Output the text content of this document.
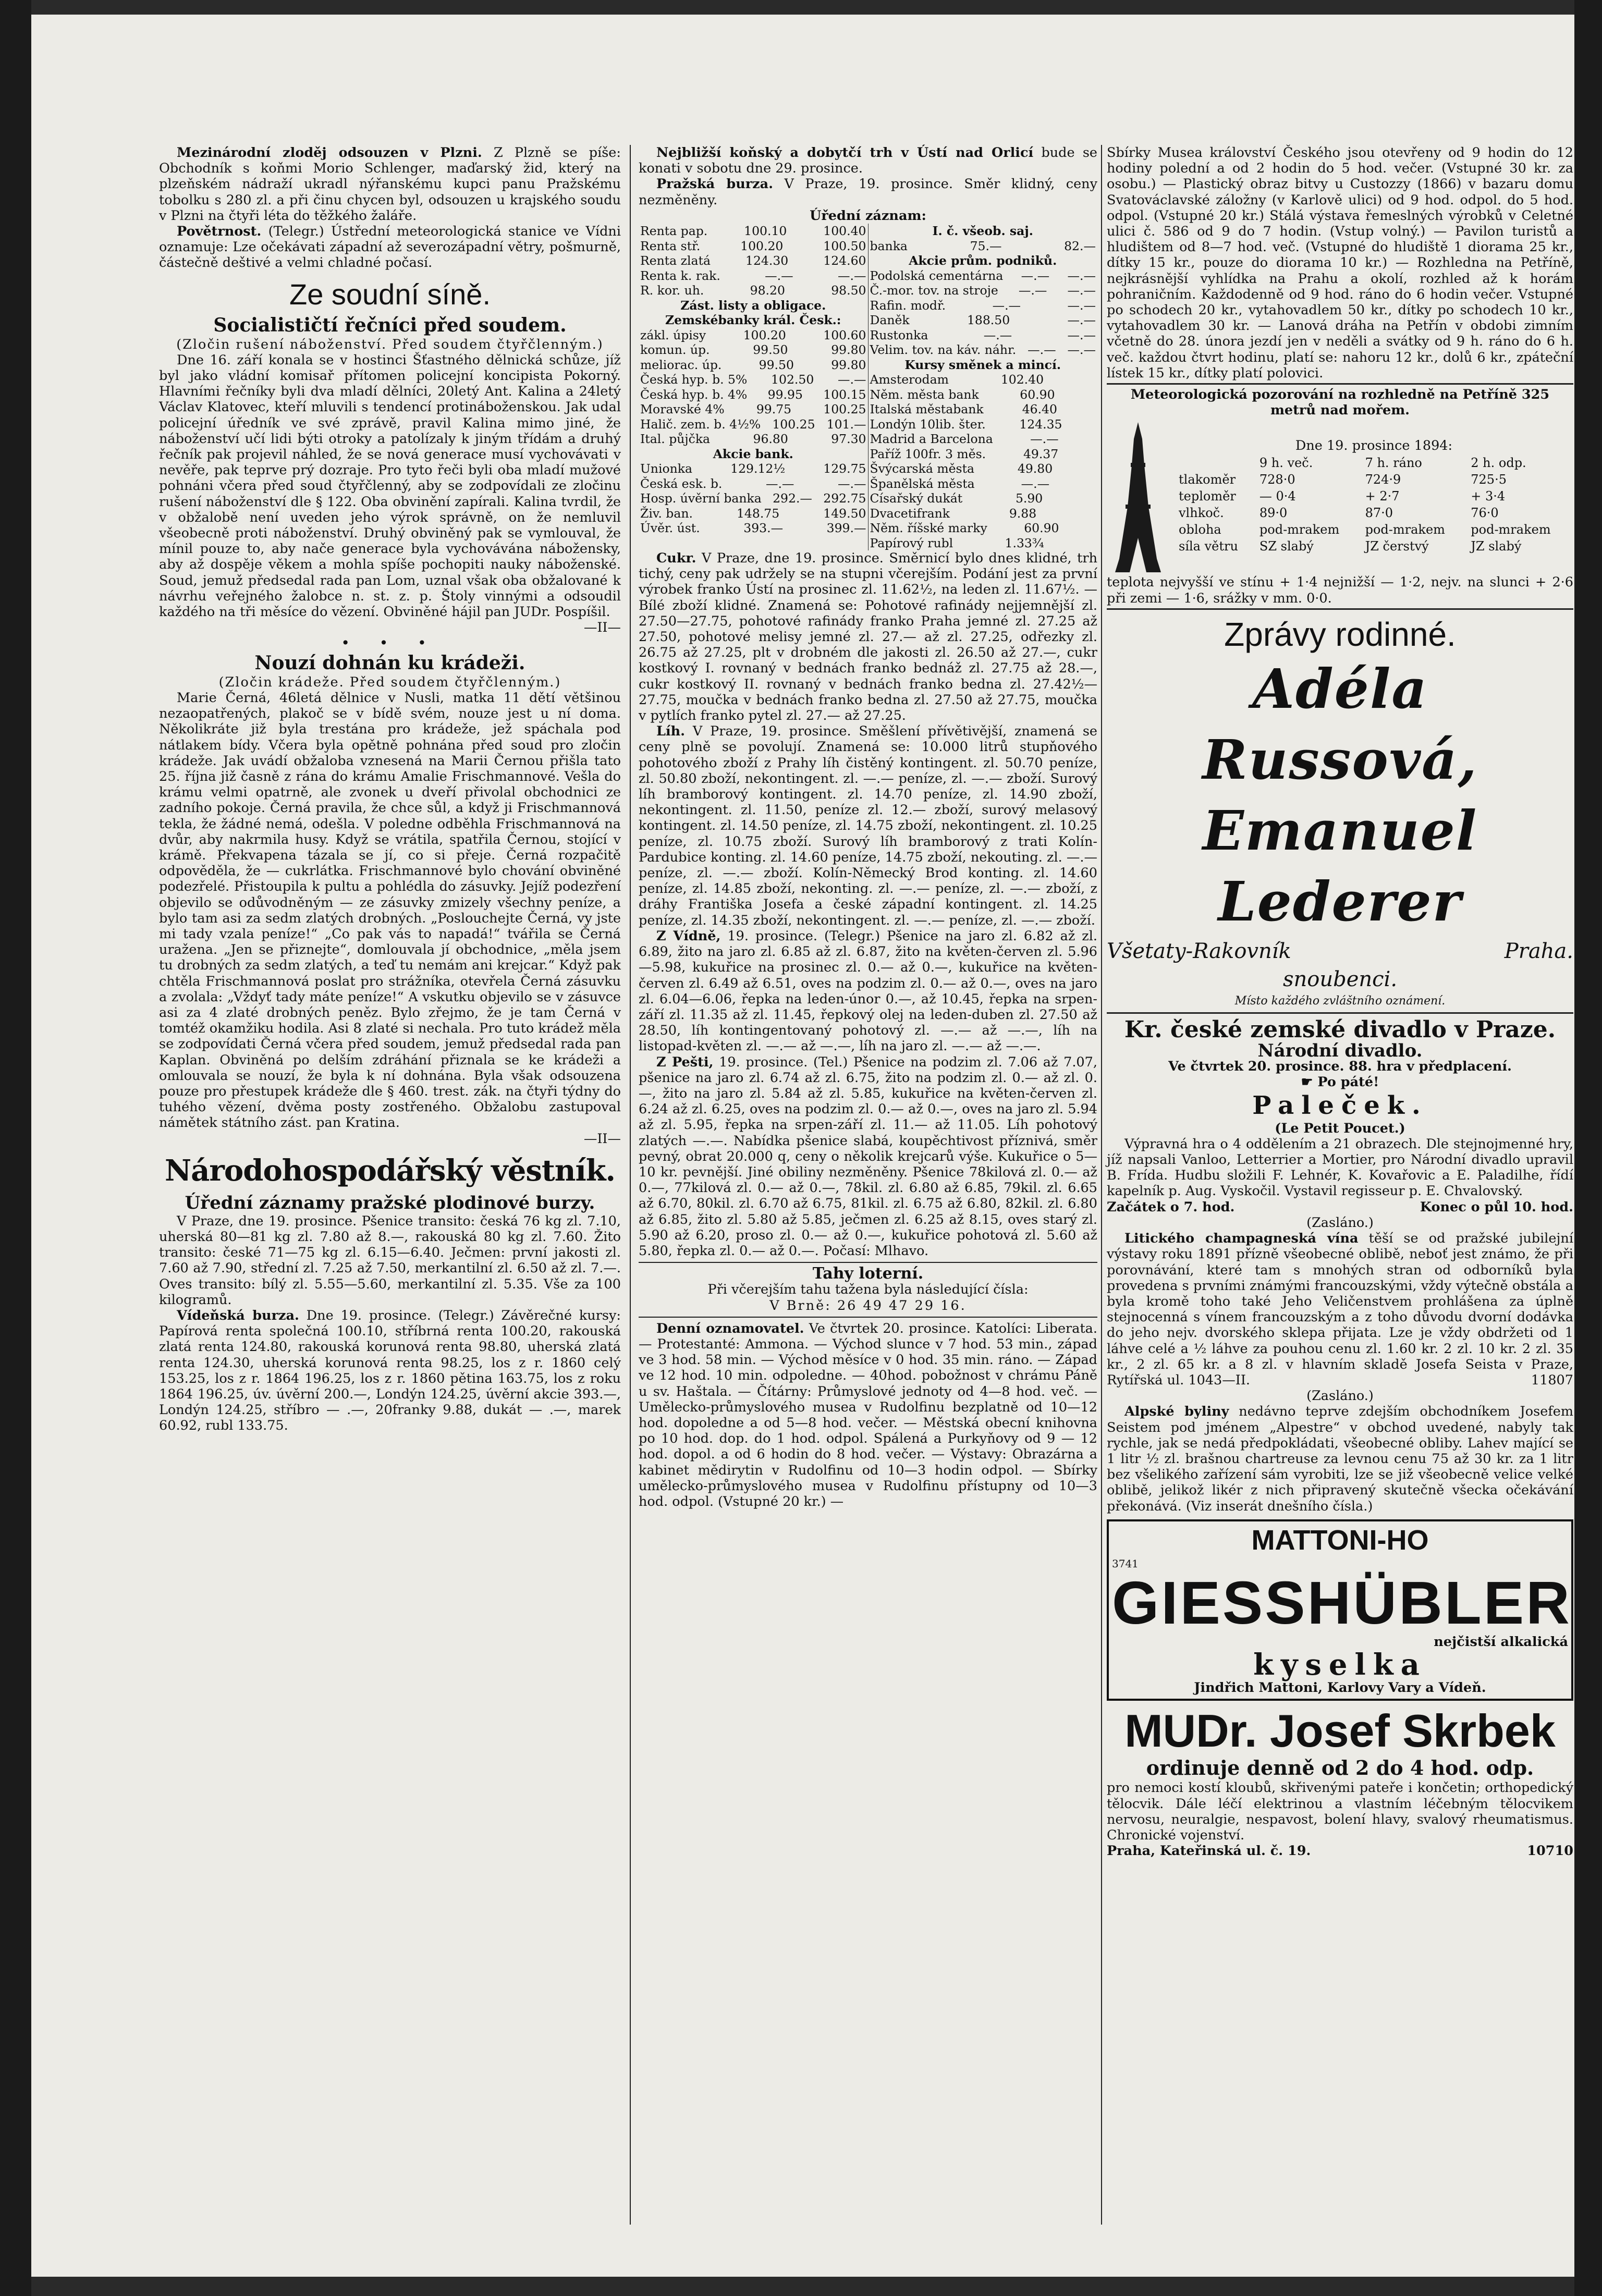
Mezinárodní zloděj odsouzen v Plzni. Z Plzně se píše: Obchodník s koňmi Morio Schlenger, maďarský žid, který na plzeňském nádraží ukradl nýřanskému kupci panu Pražskému tobolku s 280 zl. a při činu chycen byl, odsouzen u krajského soudu v Plzni na čtyři léta do těžkého žaláře.

Povětrnost. (Telegr.) Ústřední meteorologická stanice ve Vídni oznamuje: Lze očekávati západní až severozápadní větry, pošmurně, částečně deštivé a velmi chladné počasí.

Ze soudní síně.
Socialističtí řečníci před soudem.
(Zločin rušení náboženství. Před soudem čtyřčlenným.)

Dne 16. září konala se v hostinci Šťastného dělnická schůze, jíž byl jako vládní komisař přítomen policejní koncipista Pokorný. Hlavními řečníky byli dva mladí dělníci, 20letý Ant. Kalina a 24letý Václav Klatovec, kteří mluvili s tendencí protináboženskou. Jak udal policejní úředník ve své zprávě, pravil Kalina mimo jiné, že náboženství učí lidi býti otroky a patolízaly k jiným třídám a druhý řečník pak projevil náhled, že se nová generace musí vychovávati v nevěře, pak teprve prý dozraje. Pro tyto řeči byli oba mladí mužové pohnáni včera před soud čtyřčlenný, aby se zodpovídali ze zločinu rušení náboženství dle § 122. Oba obvinění zapírali. Kalina tvrdil, že v obžalobě není uveden jeho výrok správně, on že nemluvil všeobecně proti náboženství. Druhý obviněný pak se vymlouval, že mínil pouze to, aby nače generace byla vychovávána nábožensky, aby až dospěje věkem a mohla spíše pochopiti nauky náboženské. Soud, jemuž předsedal rada pan Lom, uznal však oba obžalované k návrhu veřejného žalobce n. st. z. p. Štoly vinnými a odsoudil každého na tři měsíce do vězení. Obviněné hájil pan JUDr. Pospíšil.

—II—
• • •
Nouzí dohnán ku krádeži.
(Zločin krádeže. Před soudem čtyřčlenným.)

Marie Černá, 46letá dělnice v Nusli, matka 11 dětí většinou nezaopatřených, plakoč se v bídě svém, nouze jest u ní doma. Několikráte již byla trestána pro krádeže, jež spáchala pod nátlakem bídy. Včera byla opětně pohnána před soud pro zločin krádeže. Jak uvádí obžaloba vznesená na Marii Černou přišla tato 25. října již časně z rána do krámu Amalie Frischmannové. Vešla do krámu velmi opatrně, ale zvonek u dveří přivolal obchodnici ze zadního pokoje. Černá pravila, že chce sůl, a když ji Frischmannová tekla, že žádné nemá, odešla. V poledne odběhla Frischmannová na dvůr, aby nakrmila husy. Když se vrátila, spatřila Černou, stojící v krámě. Překvapena tázala se jí, co si přeje. Černá rozpačitě odpověděla, že — cukrlátka. Frischmannové bylo chování obviněné podezřelé. Přistoupila k pultu a pohlédla do zásuvky. Jejíž podezření objevilo se odůvodněným — ze zásuvky zmizely všechny peníze, a bylo tam asi za sedm zlatých drobných. „Poslouchejte Černá, vy jste mi tady vzala peníze!“ „Co pak vás to napadá!“ tvářila se Černá uražena. „Jen se přiznejte“, domlouvala jí obchodnice, „měla jsem tu drobných za sedm zlatých, a teď tu nemám ani krejcar.“ Když pak chtěla Frischmannová poslat pro strážníka, otevřela Černá zásuvku a zvolala: „Vždyť tady máte peníze!“ A vskutku objevilo se v zásuvce asi za 4 zlaté drobných peněz. Bylo zřejmo, že je tam Černá v tomtéž okamžiku hodila. Asi 8 zlaté si nechala. Pro tuto krádež měla se zodpovídati Černá včera před soudem, jemuž předsedal rada pan Kaplan. Obviněná po delším zdráhání přiznala se ke krádeži a omlouvala se nouzí, že byla k ní dohnána. Byla však odsouzena pouze pro přestupek krádeže dle § 460. trest. zák. na čtyři týdny do tuhého vězení, dvěma posty zostřeného. Obžalobu zastupoval námětek státního zást. pan Kratina.

—II—
Národohospodářský věstník.
Úřední záznamy pražské plodinové burzy.

V Praze, dne 19. prosince. Pšenice transito: česká 76 kg zl. 7.10, uherská 80—81 kg zl. 7.80 až 8.—, rakouská 80 kg zl. 7.60. Žito transito: české 71—75 kg zl. 6.15—6.40. Ječmen: první jakosti zl. 7.60 až 7.90, střední zl. 7.25 až 7.50, merkantilní zl. 6.50 až zl. 7.—. Oves transito: bílý zl. 5.55—5.60, merkantilní zl. 5.35. Vše za 100 kilogramů.

Vídeňská burza. Dne 19. prosince. (Telegr.) Závěrečné kursy: Papírová renta společná 100.10, stříbrná renta 100.20, rakouská zlatá renta 124.80, rakouská korunová renta 98.80, uherská zlatá renta 124.30, uherská korunová renta 98.25, los z r. 1860 celý 153.25, los z r. 1864 196.25, los z r. 1860 pětina 163.75, los z roku 1864 196.25, úv. úvěrní 200.—, Londýn 124.25, úvěrní akcie 393.—, Londýn 124.25, stříbro — .—, 20franky 9.88, dukát — .—, marek 60.92, rubl 133.75.

Nejbližší koňský a dobytčí trh v Ústí nad Orlicí bude se konati v sobotu dne 29. prosince.

Pražská burza. V Praze, 19. prosince. Směr klidný, ceny nezměněny.

Úřední záznam:
Renta pap.	100.10	100.40
Renta stř.	100.20	100.50
Renta zlatá	124.30	124.60
Renta k. rak.	—.—	—.—
R. kor. uh.	98.20	98.50
Zást. listy a obligace.
Zemskébanky král. Česk.:
zákl. úpisy	100.20	100.60
komun. úp.	99.50	99.80
meliorac. úp.	99.50	99.80
Česká hyp. b. 5% 102.50 —.—
Česká hyp. b. 4% 99.95 100.15
Moravské 4%	99.75	100.25
Halič. zem. b. 4½% 100.25 101.—
Ital. půjčka	96.80	97.30
Akcie bank.
Unionka	129.12½	129.75
Česká esk. b.	—.—	—.—
Hosp. úvěrní banka 292.— 292.75
Živ. ban.	148.75	149.50
Úvěr. úst.	393.—	399.—

I. č. všeob. saj.
banka	75.—	82.—
Akcie prům. podniků.
Podolská cementárna —.— —.—
Č.-mor. tov. na stroje —.— —.—
Rafin. modř.	—.—	—.—
Daněk	188.50	—.—
Rustonka	—.—	—.—
Velim. tov. na káv. náhr. —.— —.—
Kursy směnek a mincí.
Amsterodam	102.40
Něm. města bank	60.90
Italská městabank	46.40
Londýn 10lib. šter.	124.35
Madrid a Barcelona	—.—
Paříž 100fr. 3 měs.	49.37
Švýcarská města	49.80
Španělská města	—.—
Císařský dukát	5.90
Dvacetifrank	9.88
Něm. říšské marky	60.90
Papírový rubl	1.33¾

Cukr. V Praze, dne 19. prosince. Směrnicí bylo dnes klidné, trh tichý, ceny pak udržely se na stupni včerejším. Podání jest za první výrobek franko Ústí na prosinec zl. 11.62½, na leden zl. 11.67½. — Bílé zboží klidné. Znamená se: Pohotové rafinády nejjemnější zl. 27.50—27.75, pohotové rafinády franko Praha jemné zl. 27.25 až 27.50, pohotové melisy jemné zl. 27.— až zl. 27.25, odřezky zl. 26.75 až 27.25, plt v drobném dle jakosti zl. 26.50 až 27.—, cukr kostkový I. rovnaný v bednách franko bednáž zl. 27.75 až 28.—, cukr kostkový II. rovnaný v bednách franko bedna zl. 27.42½—27.75, moučka v bednách franko bedna zl. 27.50 až 27.75, moučka v pytlích franko pytel zl. 27.— až 27.25.

Líh. V Praze, 19. prosince. Směšlení přívětivější, znamená se ceny plně se povolují. Znamená se: 10.000 litrů stupňového pohotového zboží z Prahy líh čistěný kontingent. zl. 50.70 peníze, zl. 50.80 zboží, nekontingent. zl. —.— peníze, zl. —.— zboží. Surový líh bramborový kontingent. zl. 14.70 peníze, zl. 14.90 zboží, nekontingent. zl. 11.50, peníze zl. 12.— zboží, surový melasový kontingent. zl. 14.50 peníze, zl. 14.75 zboží, nekontingent. zl. 10.25 peníze, zl. 10.75 zboží. Surový líh bramborový z trati Kolín-Pardubice konting. zl. 14.60 peníze, 14.75 zboží, nekouting. zl. —.— peníze, zl. —.— zboží. Kolín-Německý Brod konting. zl. 14.60 peníze, zl. 14.85 zboží, nekonting. zl. —.— peníze, zl. —.— zboží, z dráhy Františka Josefa a české západní kontingent. zl. 14.25 peníze, zl. 14.35 zboží, nekontingent. zl. —.— peníze, zl. —.— zboží.

Z Vídně, 19. prosince. (Telegr.) Pšenice na jaro zl. 6.82 až zl. 6.89, žito na jaro zl. 6.85 až zl. 6.87, žito na květen-červen zl. 5.96—5.98, kukuřice na prosinec zl. 0.— až 0.—, kukuřice na květen-červen zl. 6.49 až 6.51, oves na podzim zl. 0.— až 0.—, oves na jaro zl. 6.04—6.06, řepka na leden-únor 0.—, až 10.45, řepka na srpen-září zl. 11.35 až zl. 11.45, řepkový olej na leden-duben zl. 27.50 až 28.50, líh kontingentovaný pohotový zl. —.— až —.—, líh na listopad-květen zl. —.— až —.—, líh na jaro zl. —.— až —.—.

Z Pešti, 19. prosince. (Tel.) Pšenice na podzim zl. 7.06 až 7.07, pšenice na jaro zl. 6.74 až zl. 6.75, žito na podzim zl. 0.— až zl. 0.—, žito na jaro zl. 5.84 až zl. 5.85, kukuřice na květen-červen zl. 6.24 až zl. 6.25, oves na podzim zl. 0.— až 0.—, oves na jaro zl. 5.94 až zl. 5.95, řepka na srpen-září zl. 11.— až 11.05. Líh pohotový zlatých —.—. Nabídka pšenice slabá, koupěchtivost příznivá, směr pevný, obrat 20.000 q, ceny o několik krejcarů výše. Kukuřice o 5—10 kr. pevnější. Jiné obiliny nezměněny. Pšenice 78kilová zl. 0.— až 0.—, 77kilová zl. 0.— až 0.—, 78kil. zl. 6.80 až 6.85, 79kil. zl. 6.65 až 6.70, 80kil. zl. 6.70 až 6.75, 81kil. zl. 6.75 až 6.80, 82kil. zl. 6.80 až 6.85, žito zl. 5.80 až 5.85, ječmen zl. 6.25 až 8.15, oves starý zl. 5.90 až 6.20, proso zl. 0.— až 0.—, kukuřice pohotová zl. 5.60 až 5.80, řepka zl. 0.— až 0.—. Počasí: Mlhavo.

Tahy loterní.
Při včerejším tahu tažena byla následující čísla:
V Brně: 26 49 47 29 16.

Denní oznamovatel. Ve čtvrtek 20. prosince. Katolíci: Liberata. — Protestanté: Ammona. — Východ slunce v 7 hod. 53 min., západ ve 3 hod. 58 min. — Východ měsíce v 0 hod. 35 min. ráno. — Západ ve 12 hod. 10 min. odpoledne. — 40hod. pobožnost v chrámu Páně u sv. Haštala. — Čítárny: Průmyslové jednoty od 4—8 hod. več. — Umělecko-průmyslového musea v Rudolfinu bezplatně od 10—12 hod. dopoledne a od 5—8 hod. večer. — Městská obecní knihovna po 10 hod. dop. do 1 hod. odpol. Spálená a Purkyňovy od 9 — 12 hod. dopol. a od 6 hodin do 8 hod. večer. — Výstavy: Obrazárna a kabinet mědirytin v Rudolfinu od 10—3 hodin odpol. — Sbírky umělecko-průmyslového musea v Rudolfinu přístupny od 10—3 hod. odpol. (Vstupné 20 kr.) —

Sbírky Musea království Českého jsou otevřeny od 9 hodin do 12 hodiny polední a od 2 hodin do 5 hod. večer. (Vstupné 30 kr. za osobu.) — Plastický obraz bitvy u Custozzy (1866) v bazaru domu Svatováclavské záložny (v Karlově ulici) od 9 hod. odpol. do 5 hod. odpol. (Vstupné 20 kr.) Stálá výstava řemeslných výrobků v Celetné ulici č. 586 od 9 do 7 hodin. (Vstup volný.) — Pavilon turistů a hludištem od 8—7 hod. več. (Vstupné do hludiště 1 diorama 25 kr., dítky 15 kr., pouze do diorama 10 kr.) — Rozhledna na Petříně, nejkrásnější vyhlídka na Prahu a okolí, rozhled až k horám pohraničním. Každodenně od 9 hod. ráno do 6 hodin večer. Vstupné po schodech 20 kr., vytahovadlem 50 kr., dítky po schodech 10 kr., vytahovadlem 30 kr. — Lanová dráha na Petřín v obdobi zimním včetně do 28. února jezdí jen v neděli a svátky od 9 h. ráno do 6 h. več. každou čtvrt hodinu, platí se: nahoru 12 kr., dolů 6 kr., zpáteční lístek 15 kr., dítky platí polovici.

Meteorologická pozorování na rozhledně na Petříně 325 metrů nad mořem.
Dne 19. prosince 1894:
	9 h. več.	7 h. ráno	2 h. odp.
tlakoměr	728·0	724·9	725·5
teploměr	— 0·4	+ 2·7	+ 3·4
vlhkoč.	89·0	87·0	76·0
obloha	pod-mrakem	pod-mrakem	pod-mrakem
síla větru	SZ slabý	JZ čerstvý	JZ slabý

teplota nejvyšší ve stínu + 1·4 nejnižší — 1·2, nejv. na slunci + 2·6 při zemi — 1·6, srážky v mm. 0·0.

Zprávy rodinné.
Adéla Russová,
Emanuel Lederer
Všetaty-Rakovník	Praha.
snoubenci.
Místo každého zvláštního oznámení.
Kr. české zemské divadlo v Praze.
Národní divadlo.
Ve čtvrtek 20. prosince. 88. hra v předplacení.
☛ Po páté!
Paleček.
(Le Petit Poucet.)

Výpravná hra o 4 oddělením a 21 obrazech. Dle stejnojmenné hry, jíž napsali Vanloo, Letterrier a Mortier, pro Národní divadlo upravil B. Frída. Hudbu složili F. Lehnér, K. Kovařovic a E. Paladilhe, řídí kapelník p. Aug. Vyskočil. Vystavil regisseur p. E. Chvalovský.

Začátek o 7. hod.	Konec o půl 10. hod.
(Zasláno.)

Litického champagneská vína těší se od pražské jubilejní výstavy roku 1891 přízně všeobecné oblibě, neboť jest známo, že při porovnávání, které tam s mnohých stran od odborníků byla provedena s prvními známými francouzskými, vždy výtečně obstála a byla kromě toho také Jeho Veličenstvem prohlášena za úplně stejnocenná s vínem francouzským a z toho důvodu dvorní dodávka do jeho nejv. dvorského sklepa přijata. Lze je vždy obdržeti od 1 láhve celé a ½ láhve za pouhou cenu zl. 1.60 kr. 2 zl. 10 kr. 2 zl. 35 kr., 2 zl. 65 kr. a 8 zl. v hlavním skladě Josefa Seista v Praze, Rytířská ul. 1043—II.	11807

(Zasláno.)

Alpské byliny nedávno teprve zdejším obchodníkem Josefem Seistem pod jménem „Alpestre“ v obchod uvedené, nabyly tak rychle, jak se nedá předpokládati, všeobecné obliby. Lahev mající se 1 litr ½ zl. brašnou chartreuse za levnou cenu 75 až 30 kr. za 1 litr bez všelikého zařízení sám vyrobiti, lze se již všeobecně velice velké oblibě, jelikož likér z nich připravený skutečně všecka očekávání překonává. (Viz inserát dnešního čísla.)

MATTONI-HO
3741
GIESSHÜBLER
nejčistší alkalická
kyselka
Jindřich Mattoni, Karlovy Vary a Vídeň.
MUDr. Josef Skrbek
ordinuje denně od 2 do 4 hod. odp.

pro nemoci kostí kloubů, skřivenými pateře i končetin; orthopedický tělocvik. Dále léčí elektrinou a vlastním léčebným tělocvikem nervosu, neuralgie, nespavost, bolení hlavy, svalový rheumatismus. Chronické vojenství.

Praha, Kateřinská ul. č. 19.	10710
